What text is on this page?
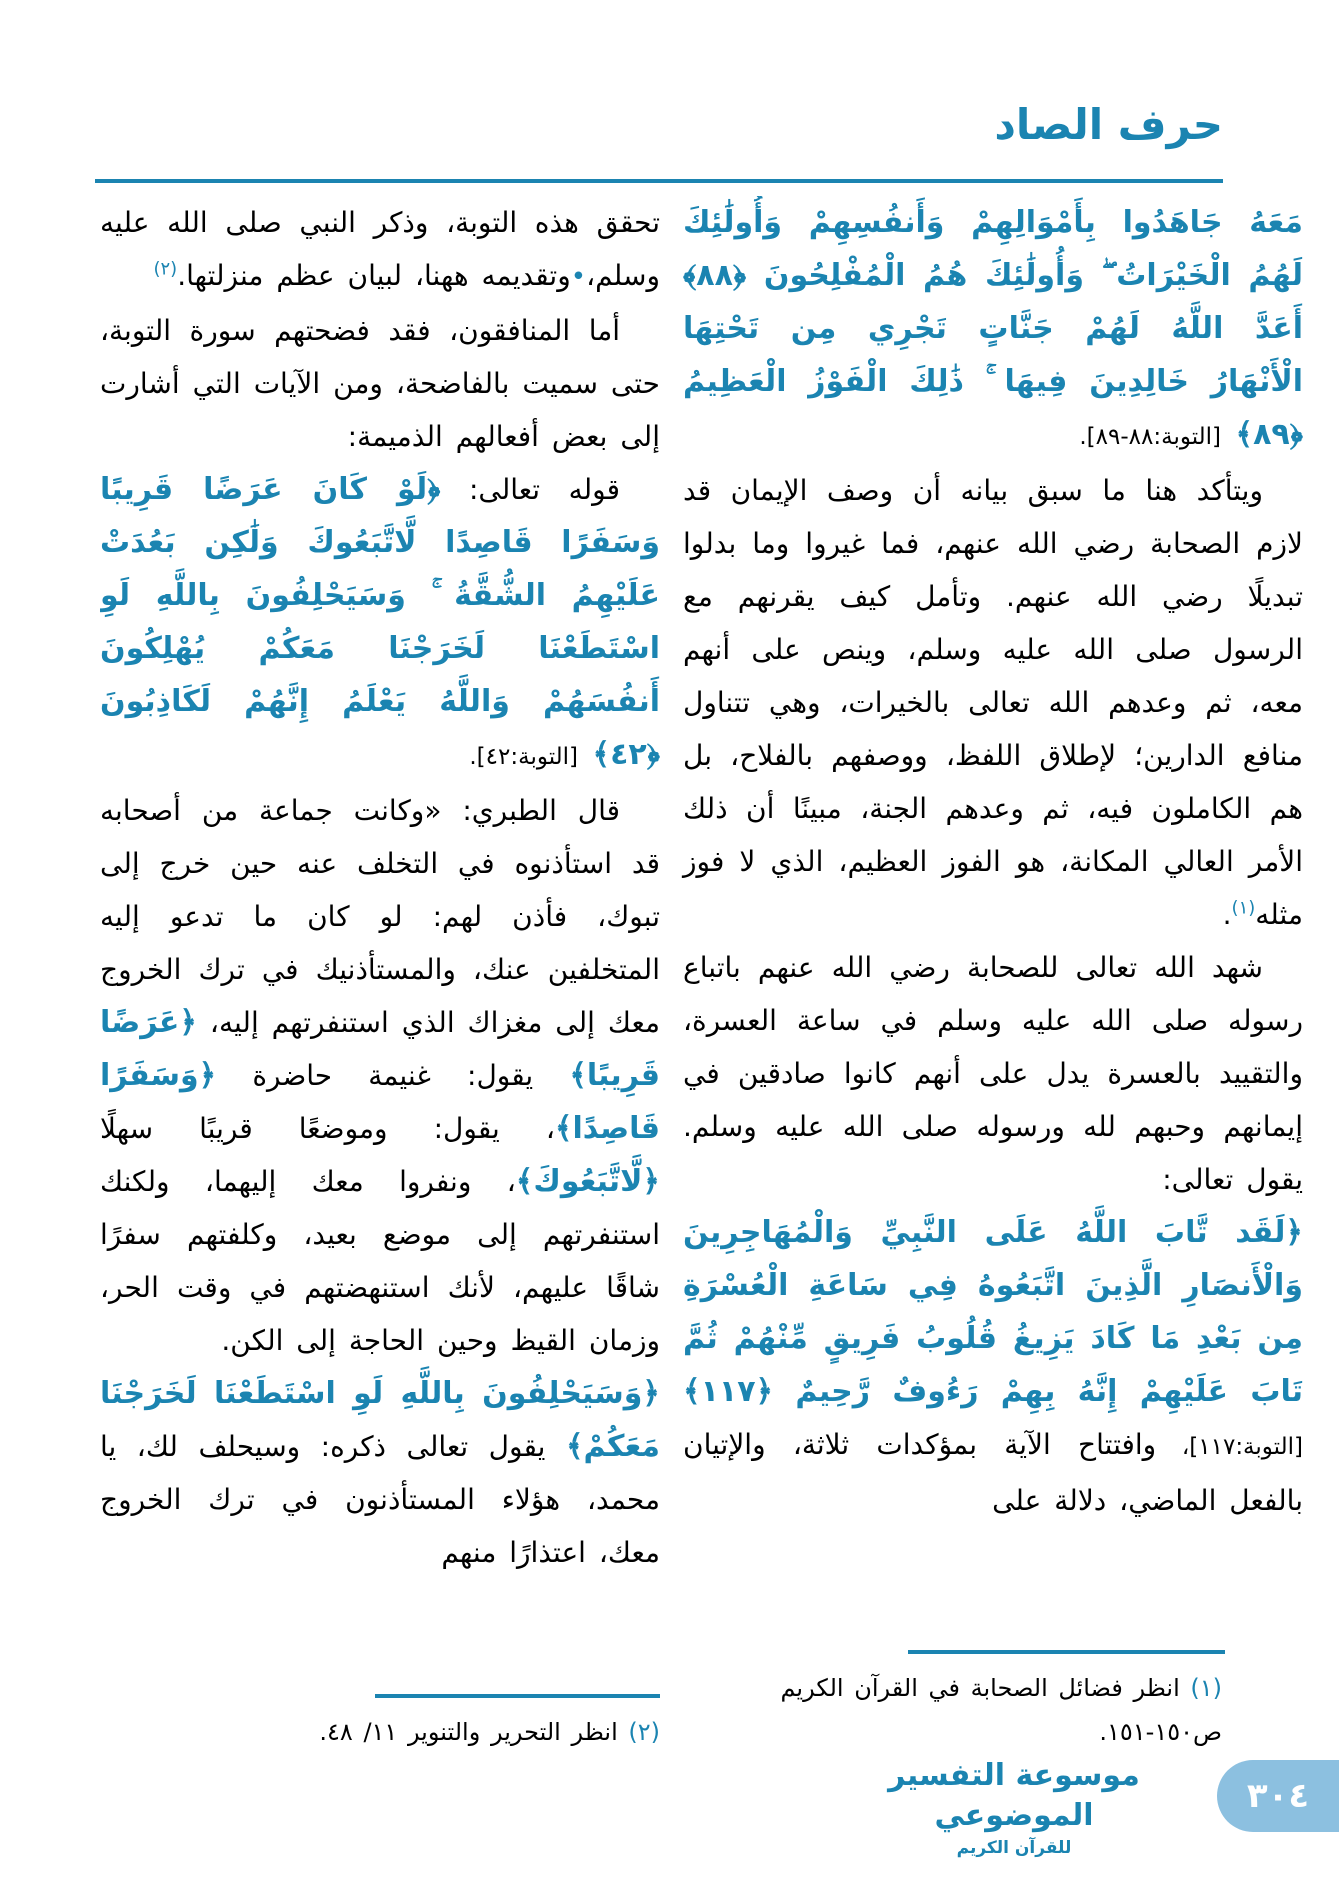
حرف الصاد

مَعَهُ جَاهَدُوا بِأَمْوَالِهِمْ وَأَنفُسِهِمْ وَأُولَٰئِكَ لَهُمُ الْخَيْرَاتُ ۖ وَأُولَٰئِكَ هُمُ الْمُفْلِحُونَ ﴿٨٨﴾ أَعَدَّ اللَّهُ لَهُمْ جَنَّاتٍ تَجْرِي مِن تَحْتِهَا الْأَنْهَارُ خَالِدِينَ فِيهَا ۚ ذَٰلِكَ الْفَوْزُ الْعَظِيمُ ﴿٨٩﴾ [التوبة:٨٨-٨٩].

ويتأكد هنا ما سبق بيانه أن وصف الإيمان قد لازم الصحابة رضي الله عنهم، فما غيروا وما بدلوا تبديلًا رضي الله عنهم. وتأمل كيف يقرنهم مع الرسول صلى الله عليه وسلم، وينص على أنهم معه، ثم وعدهم الله تعالى بالخيرات، وهي تتناول منافع الدارين؛ لإطلاق اللفظ، ووصفهم بالفلاح، بل هم الكاملون فيه، ثم وعدهم الجنة، مبينًا أن ذلك الأمر العالي المكانة، هو الفوز العظيم، الذي لا فوز مثله$^{(١)}$.

شهد الله تعالى للصحابة رضي الله عنهم باتباع رسوله صلى الله عليه وسلم في ساعة العسرة، والتقييد بالعسرة يدل على أنهم كانوا صادقين في إيمانهم وحبهم لله ورسوله صلى الله عليه وسلم. يقول تعالى:

﴿لَقَد تَّابَ اللَّهُ عَلَى النَّبِيِّ وَالْمُهَاجِرِينَ وَالْأَنصَارِ الَّذِينَ اتَّبَعُوهُ فِي سَاعَةِ الْعُسْرَةِ مِن بَعْدِ مَا كَادَ يَزِيغُ قُلُوبُ فَرِيقٍ مِّنْهُمْ ثُمَّ تَابَ عَلَيْهِمْ إِنَّهُ بِهِمْ رَءُوفٌ رَّحِيمٌ ﴿١١٧﴾ [التوبة:١١٧]، وافتتاح الآية بمؤكدات ثلاثة، والإتيان بالفعل الماضي، دلالة على

تحقق هذه التوبة، وذكر النبي صلى الله عليه وسلم،•وتقديمه ههنا، لبيان عظم منزلتها.$^{(٢)}$

أما المنافقون، فقد فضحتهم سورة التوبة، حتى سميت بالفاضحة، ومن الآيات التي أشارت إلى بعض أفعالهم الذميمة:

قوله تعالى: ﴿لَوْ كَانَ عَرَضًا قَرِيبًا وَسَفَرًا قَاصِدًا لَّاتَّبَعُوكَ وَلَٰكِن بَعُدَتْ عَلَيْهِمُ الشُّقَّةُ ۚ وَسَيَحْلِفُونَ بِاللَّهِ لَوِ اسْتَطَعْنَا لَخَرَجْنَا مَعَكُمْ يُهْلِكُونَ أَنفُسَهُمْ وَاللَّهُ يَعْلَمُ إِنَّهُمْ لَكَاذِبُونَ ﴿٤٢﴾ [التوبة:٤٢].

قال الطبري: «وكانت جماعة من أصحابه قد استأذنوه في التخلف عنه حين خرج إلى تبوك، فأذن لهم: لو كان ما تدعو إليه المتخلفين عنك، والمستأذنيك في ترك الخروج معك إلى مغزاك الذي استنفرتهم إليه، ﴿عَرَضًا قَرِيبًا﴾ يقول: غنيمة حاضرة ﴿وَسَفَرًا قَاصِدًا﴾، يقول: وموضعًا قريبًا سهلًا ﴿لَّاتَّبَعُوكَ﴾، ونفروا معك إليهما، ولكنك استنفرتهم إلى موضع بعيد، وكلفتهم سفرًا شاقًا عليهم، لأنك استنهضتهم في وقت الحر، وزمان القيظ وحين الحاجة إلى الكن.

﴿وَسَيَحْلِفُونَ بِاللَّهِ لَوِ اسْتَطَعْنَا لَخَرَجْنَا مَعَكُمْ﴾ يقول تعالى ذكره: وسيحلف لك، يا محمد، هؤلاء المستأذنون في ترك الخروج معك، اعتذارًا منهم

(١) انظر فضائل الصحابة في القرآن الكريم

ص١٥٠-١٥١.

(٢) انظر التحرير والتنوير ١١/ ٤٨.

موسوعة التفسير الموضوعي
للقرآن الكريم
٣٠٤
